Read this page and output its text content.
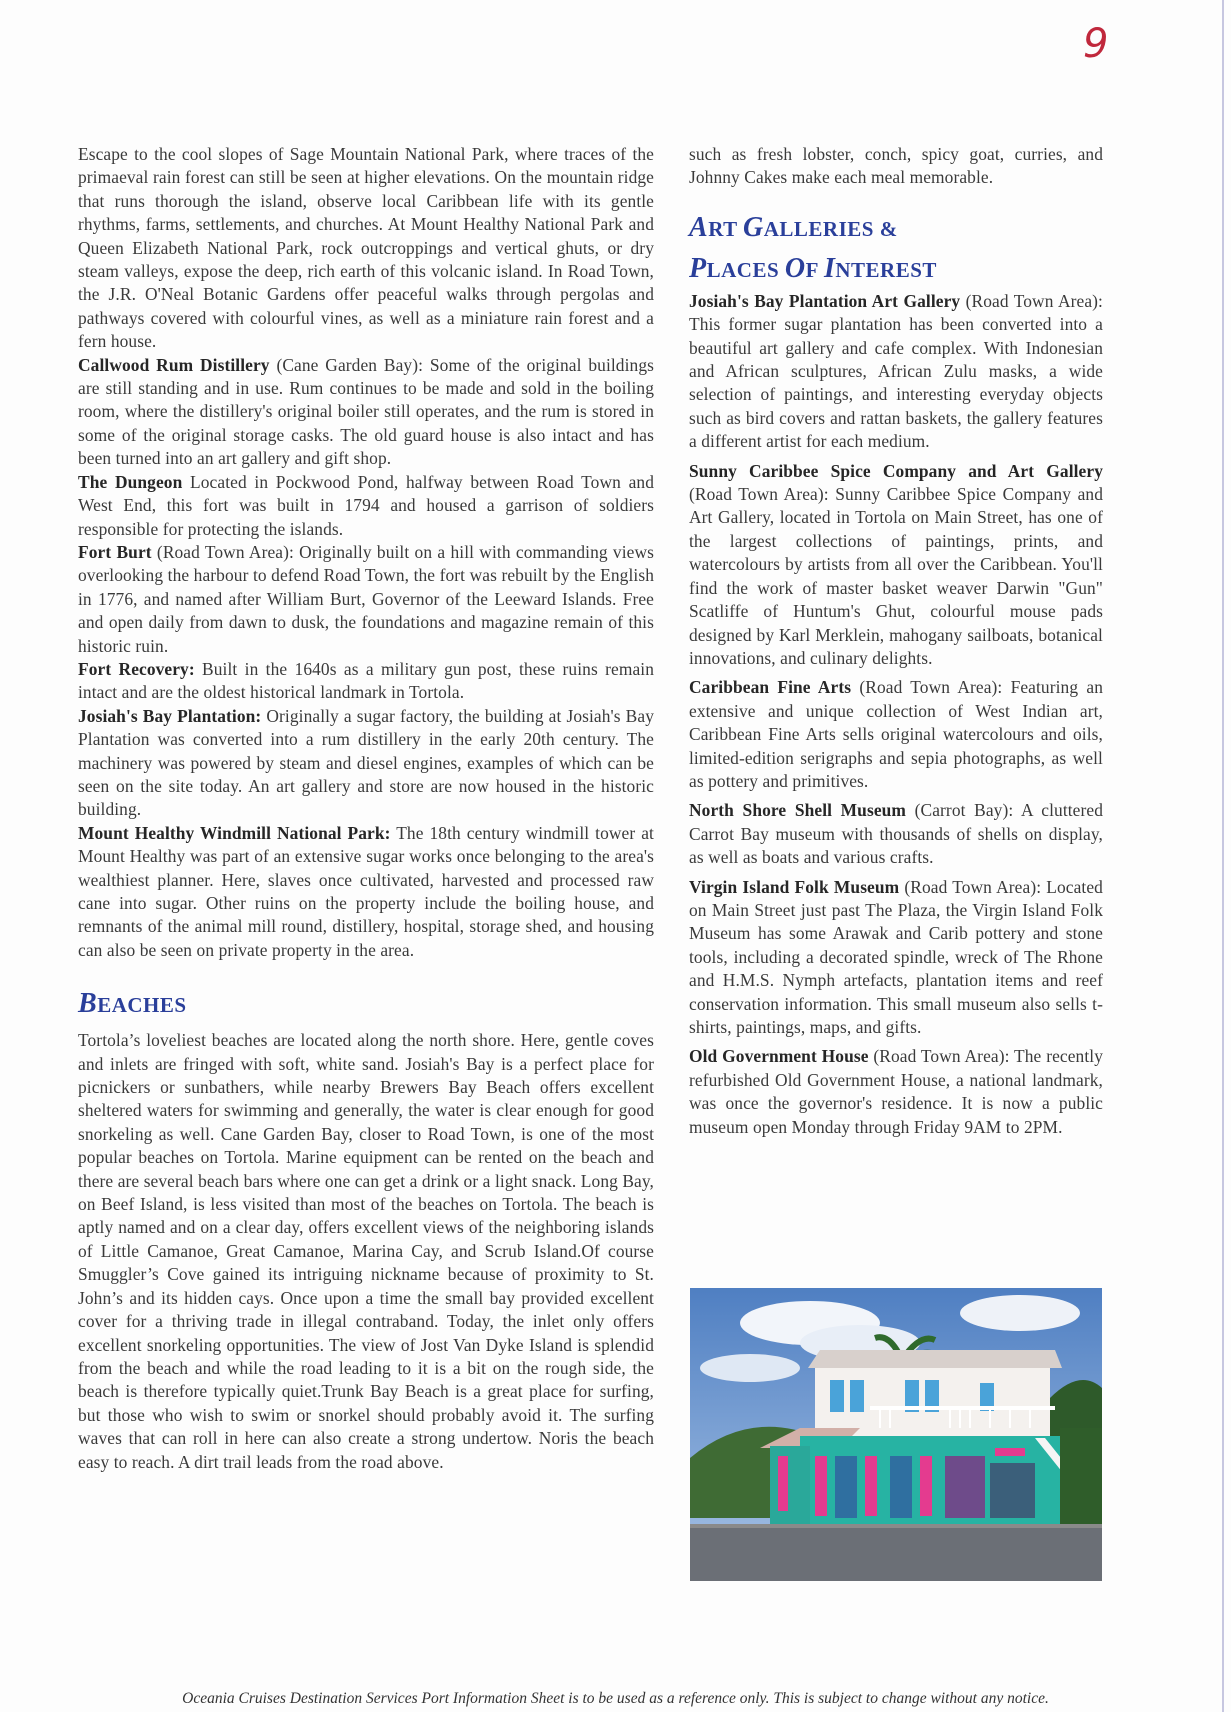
9

Escape to the cool slopes of Sage Mountain National Park, where traces of the primaeval rain forest can still be seen at higher elevations. On the mountain ridge that runs thorough the island, observe local Caribbean life with its gentle rhythms, farms, settlements, and churches. At Mount Healthy National Park and Queen Elizabeth National Park, rock outcroppings and vertical ghuts, or dry steam valleys, expose the deep, rich earth of this volcanic island. In Road Town, the J.R. O'Neal Botanic Gardens offer peaceful walks through pergolas and pathways covered with colourful vines, as well as a miniature rain forest and a fern house.

Callwood Rum Distillery (Cane Garden Bay): Some of the original buildings are still standing and in use. Rum continues to be made and sold in the boiling room, where the distillery's original boiler still operates, and the rum is stored in some of the original storage casks. The old guard house is also intact and has been turned into an art gallery and gift shop.

The Dungeon Located in Pockwood Pond, halfway between Road Town and West End, this fort was built in 1794 and housed a garrison of soldiers responsible for protecting the islands.

Fort Burt (Road Town Area): Originally built on a hill with commanding views overlooking the harbour to defend Road Town, the fort was rebuilt by the English in 1776, and named after William Burt, Governor of the Leeward Islands. Free and open daily from dawn to dusk, the foundations and magazine remain of this historic ruin.

Fort Recovery: Built in the 1640s as a military gun post, these ruins remain intact and are the oldest historical landmark in Tortola.

Josiah's Bay Plantation: Originally a sugar factory, the building at Josiah's Bay Plantation was converted into a rum distillery in the early 20th century. The machinery was powered by steam and diesel engines, examples of which can be seen on the site today. An art gallery and store are now housed in the historic building.

Mount Healthy Windmill National Park: The 18th century windmill tower at Mount Healthy was part of an extensive sugar works once belonging to the area's wealthiest planner. Here, slaves once cultivated, harvested and processed raw cane into sugar. Other ruins on the property include the boiling house, and remnants of the animal mill round, distillery, hospital, storage shed, and housing can also be seen on private property in the area.

BEACHES

Tortola’s loveliest beaches are located along the north shore. Here, gentle coves and inlets are fringed with soft, white sand. Josiah's Bay is a perfect place for picnickers or sunbathers, while nearby Brewers Bay Beach offers excellent sheltered waters for swimming and generally, the water is clear enough for good snorkeling as well. Cane Garden Bay, closer to Road Town, is one of the most popular beaches on Tortola. Marine equipment can be rented on the beach and there are several beach bars where one can get a drink or a light snack. Long Bay, on Beef Island, is less visited than most of the beaches on Tortola. The beach is aptly named and on a clear day, offers excellent views of the neighboring islands of Little Camanoe, Great Camanoe, Marina Cay, and Scrub Island.Of course Smuggler’s Cove gained its intriguing nickname because of proximity to St. John’s and its hidden cays. Once upon a time the small bay provided excellent cover for a thriving trade in illegal contraband. Today, the inlet only offers excellent snorkeling opportunities. The view of Jost Van Dyke Island is splendid from the beach and while the road leading to it is a bit on the rough side, the beach is therefore typically quiet.Trunk Bay Beach is a great place for surfing, but those who wish to swim or snorkel should probably avoid it. The surfing waves that can roll in here can also create a strong undertow. Noris the beach easy to reach. A dirt trail leads from the road above.

such as fresh lobster, conch, spicy goat, curries, and Johnny Cakes make each meal memorable.

ART GALLERIES &
PLACES OF INTEREST

Josiah's Bay Plantation Art Gallery (Road Town Area): This former sugar plantation has been converted into a beautiful art gallery and cafe complex. With Indonesian and African sculptures, African Zulu masks, a wide selection of paintings, and interesting everyday objects such as bird covers and rattan baskets, the gallery features a different artist for each medium.

Sunny Caribbee Spice Company and Art Gallery (Road Town Area): Sunny Caribbee Spice Company and Art Gallery, located in Tortola on Main Street, has one of the largest collections of paintings, prints, and watercolours by artists from all over the Caribbean. You'll find the work of master basket weaver Darwin "Gun" Scatliffe of Huntum's Ghut, colourful mouse pads designed by Karl Merklein, mahogany sailboats, botanical innovations, and culinary delights.

Caribbean Fine Arts (Road Town Area): Featuring an extensive and unique collection of West Indian art, Caribbean Fine Arts sells original watercolours and oils, limited-edition serigraphs and sepia photographs, as well as pottery and primitives.

North Shore Shell Museum (Carrot Bay): A cluttered Carrot Bay museum with thousands of shells on display, as well as boats and various crafts.

Virgin Island Folk Museum (Road Town Area): Located on Main Street just past The Plaza, the Virgin Island Folk Museum has some Arawak and Carib pottery and stone tools, including a decorated spindle, wreck of The Rhone and H.M.S. Nymph artefacts, plantation items and reef conservation information. This small museum also sells t-shirts, paintings, maps, and gifts.

Old Government House (Road Town Area): The recently refurbished Old Government House, a national landmark, was once the governor's residence. It is now a public museum open Monday through Friday 9AM to 2PM.

Oceania Cruises Destination Services Port Information Sheet is to be used as a reference only. This is subject to change without any notice.
